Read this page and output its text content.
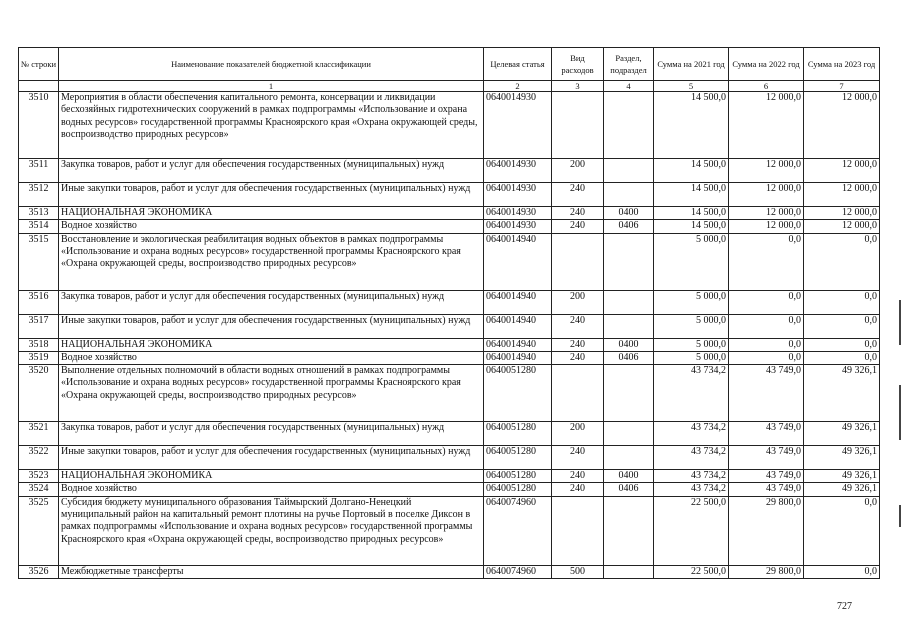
№ строки	Наименование показателей бюджетной классификации	Целевая статья	Вид расходов	Раздел, подраздел	Сумма на 2021 год	Сумма на 2022 год	Сумма на 2023 год
	1	2	3	4	5	6	7
3510	Мероприятия в области обеспечения капитального ремонта, консервации и ликвидации бесхозяйных гидротехнических сооружений в рамках подпрограммы «Использование и охрана водных ресурсов» государственной программы Красноярского края «Охрана окружающей среды, воспроизводство природных ресурсов»	0640014930			14 500,0	12 000,0	12 000,0
3511	Закупка товаров, работ и услуг для обеспечения государственных (муниципальных) нужд	0640014930	200		14 500,0	12 000,0	12 000,0
3512	Иные закупки товаров, работ и услуг для обеспечения государственных (муниципальных) нужд	0640014930	240		14 500,0	12 000,0	12 000,0
3513	НАЦИОНАЛЬНАЯ ЭКОНОМИКА	0640014930	240	0400	14 500,0	12 000,0	12 000,0
3514	Водное хозяйство	0640014930	240	0406	14 500,0	12 000,0	12 000,0
3515	Восстановление и экологическая реабилитация водных объектов в рамках подпрограммы «Использование и охрана водных ресурсов» государственной программы Красноярского края «Охрана окружающей среды, воспроизводство природных ресурсов»	0640014940			5 000,0	0,0	0,0
3516	Закупка товаров, работ и услуг для обеспечения государственных (муниципальных) нужд	0640014940	200		5 000,0	0,0	0,0
3517	Иные закупки товаров, работ и услуг для обеспечения государственных (муниципальных) нужд	0640014940	240		5 000,0	0,0	0,0
3518	НАЦИОНАЛЬНАЯ ЭКОНОМИКА	0640014940	240	0400	5 000,0	0,0	0,0
3519	Водное хозяйство	0640014940	240	0406	5 000,0	0,0	0,0
3520	Выполнение отдельных полномочий в области водных отношений в рамках подпрограммы «Использование и охрана водных ресурсов» государственной программы Красноярского края «Охрана окружающей среды, воспроизводство природных ресурсов»	0640051280			43 734,2	43 749,0	49 326,1
3521	Закупка товаров, работ и услуг для обеспечения государственных (муниципальных) нужд	0640051280	200		43 734,2	43 749,0	49 326,1
3522	Иные закупки товаров, работ и услуг для обеспечения государственных (муниципальных) нужд	0640051280	240		43 734,2	43 749,0	49 326,1
3523	НАЦИОНАЛЬНАЯ ЭКОНОМИКА	0640051280	240	0400	43 734,2	43 749,0	49 326,1
3524	Водное хозяйство	0640051280	240	0406	43 734,2	43 749,0	49 326,1
3525	Субсидия бюджету муниципального образования Таймырский Долгано-Ненецкий муниципальный район на капитальный ремонт плотины на ручье Портовый в поселке Диксон в рамках подпрограммы «Использование и охрана водных ресурсов» государственной программы Красноярского края «Охрана окружающей среды, воспроизводство природных ресурсов»	0640074960			22 500,0	29 800,0	0,0
3526	Межбюджетные трансферты	0640074960	500		22 500,0	29 800,0	0,0
727
